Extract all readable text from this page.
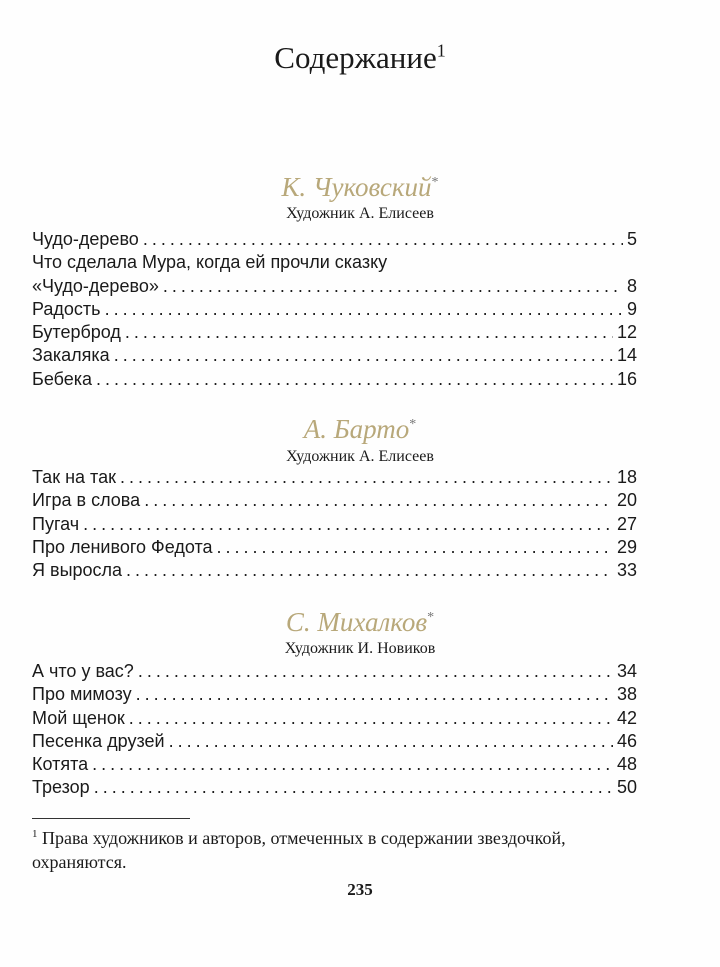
Содержание$^1$
К. Чуковский*
Художник А. Елисеев
Чудо-дерево . . .	5
Что сделала Мура, когда ей прочли сказку
«Чудо-дерево» . . .	8
Радость . . .	9
Бутерброд . . .	12
Закаляка . . .	14
Бебека . . .	16
А. Барто*
Художник А. Елисеев
Так на так . . .	18
Игра в слова . . .	20
Пугач . . .	27
Про ленивого Федота . . .	29
Я выросла . . .	33
С. Михалков*
Художник И. Новиков
А что у вас? . . .	34
Про мимозу . . .	38
Мой щенок . . .	42
Песенка друзей . . .	46
Котята . . .	48
Трезор . . .	50
$^1$ Права художников и авторов, отмеченных в содержании звездочкой, охраняются.
235
